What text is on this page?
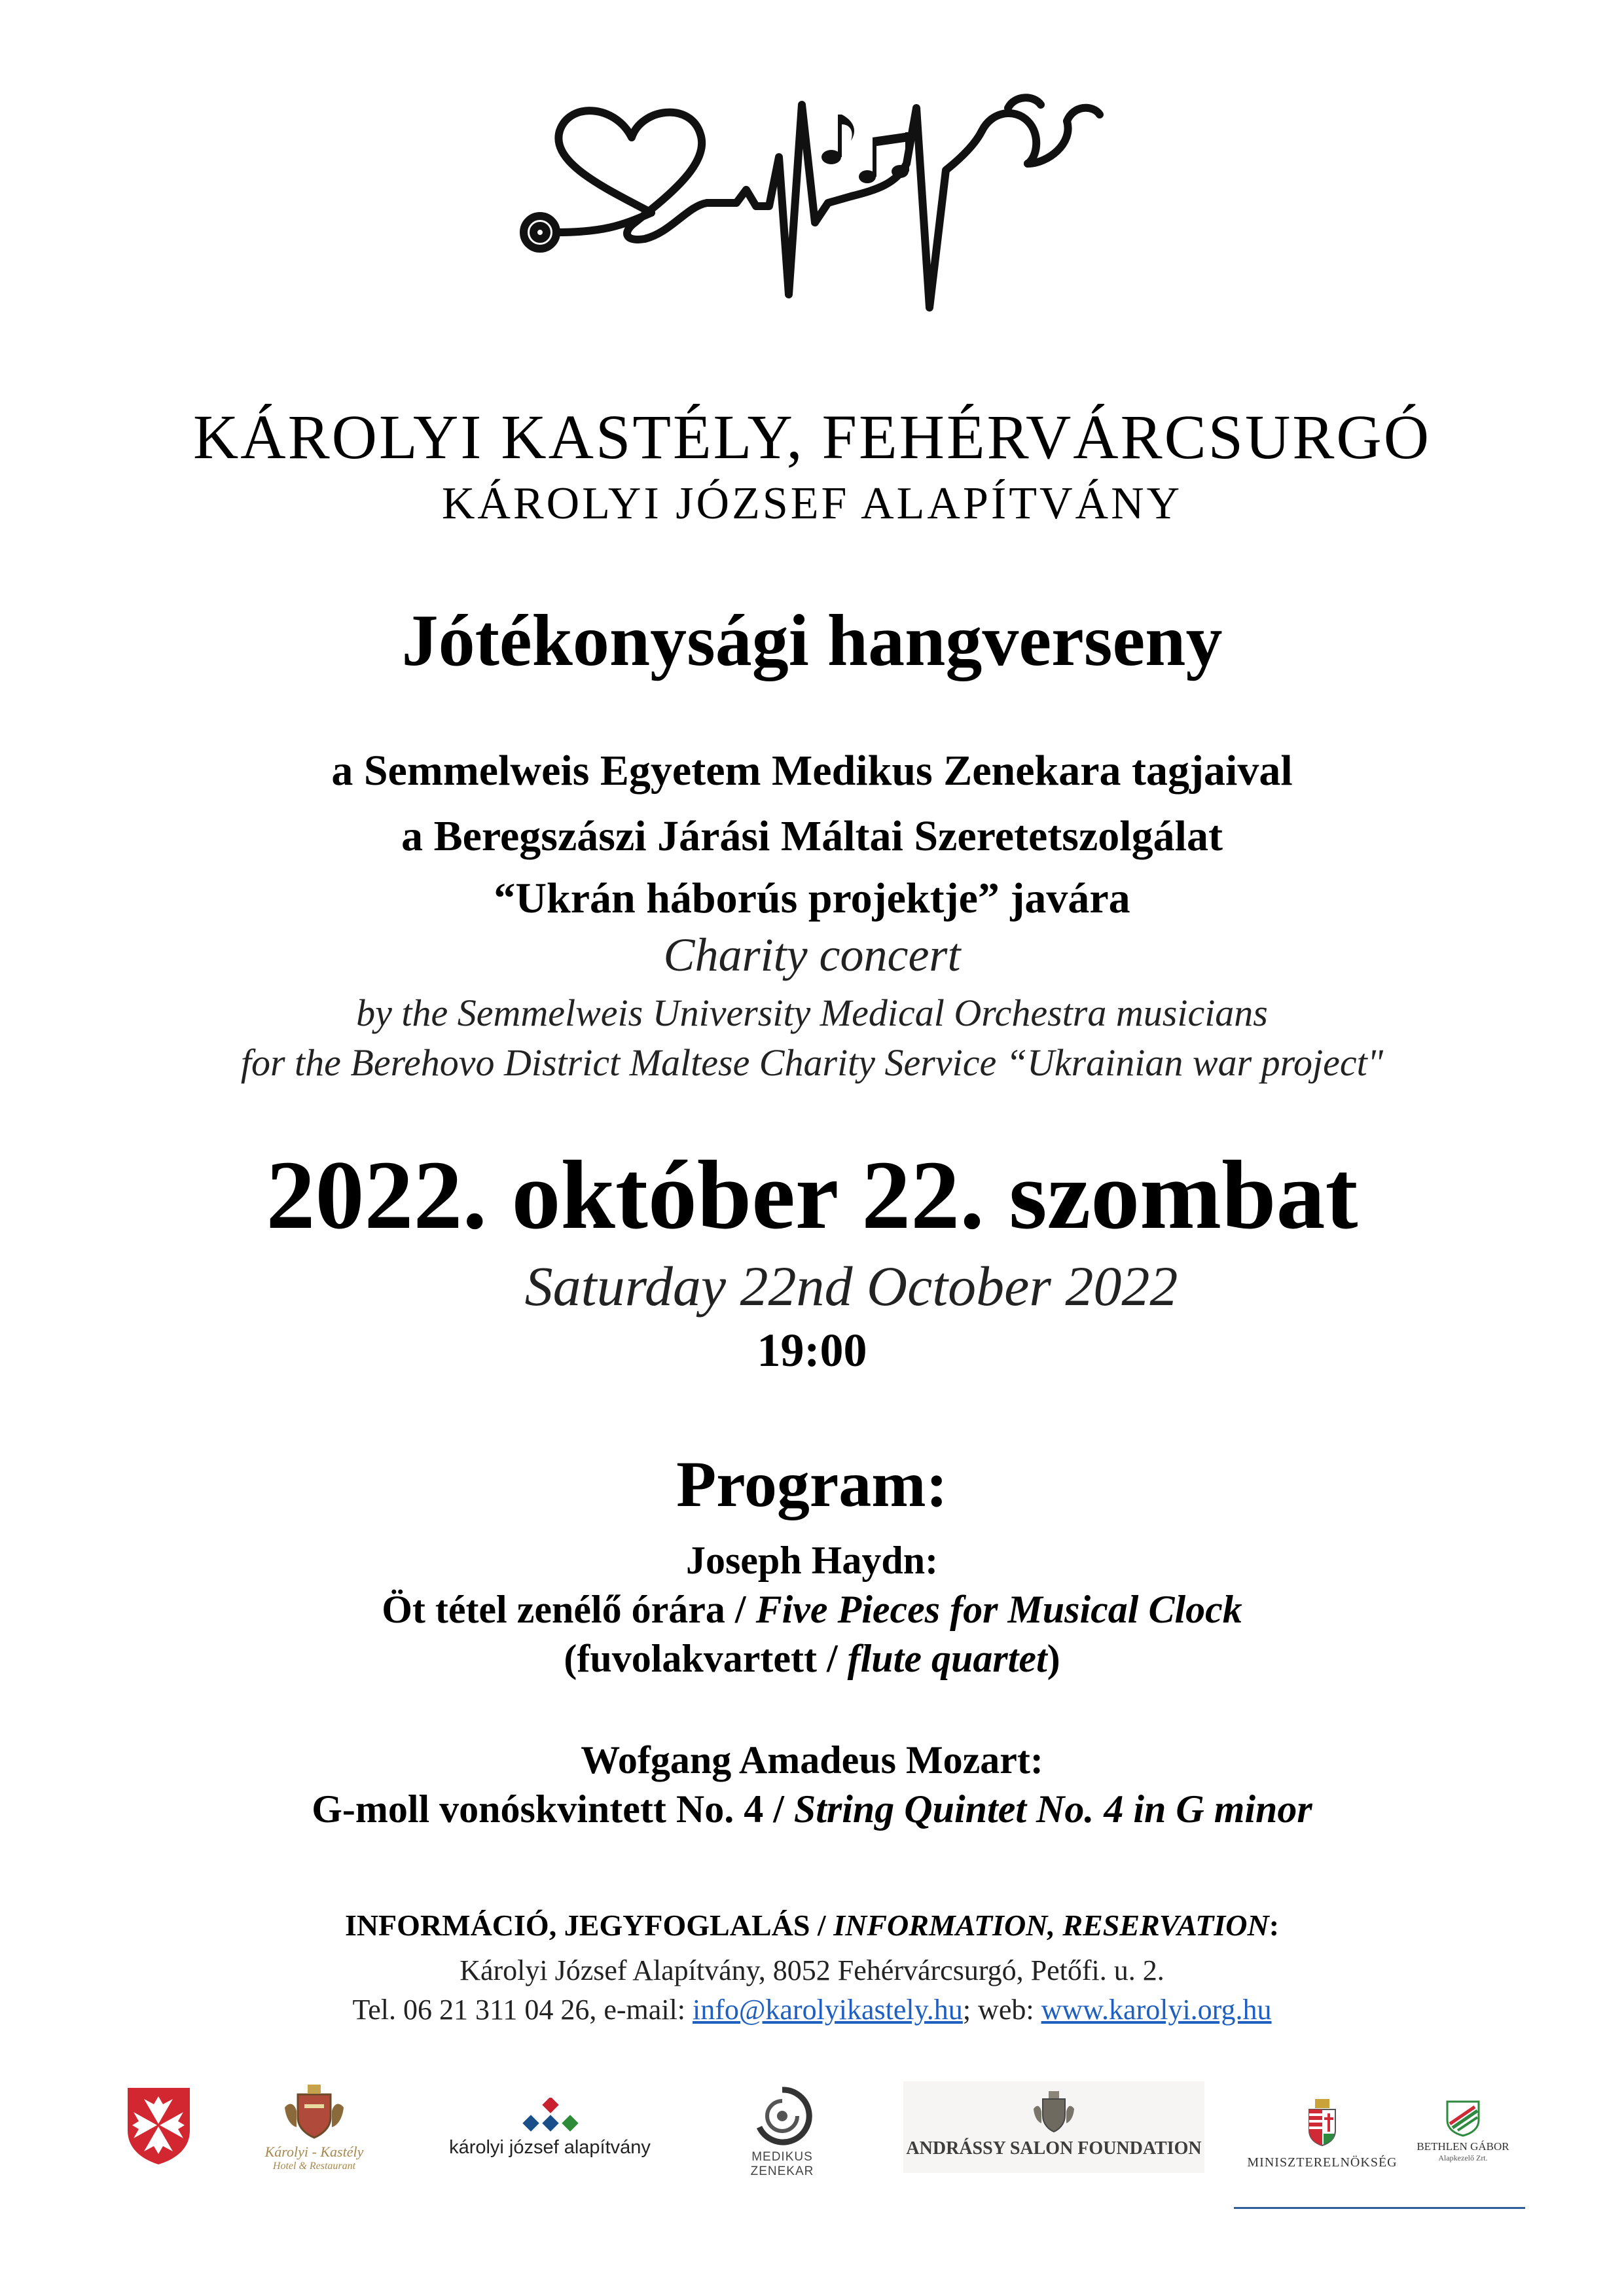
KÁROLYI KASTÉLY, FEHÉRVÁRCSURGÓ
KÁROLYI JÓZSEF ALAPÍTVÁNY
Jótékonysági hangverseny
a Semmelweis Egyetem Medikus Zenekara tagjaival
a Beregszászi Járási Máltai Szeretetszolgálat
“Ukrán háborús projektje” javára
Charity concert
by the Semmelweis University Medical Orchestra musicians
for the Berehovo District Maltese Charity Service “Ukrainian war project"
2022. október 22. szombat
Saturday 22nd October 2022
19:00
Program:
Joseph Haydn:
Öt tétel zenélő órára / Five Pieces for Musical Clock
(fuvolakvartett / flute quartet)
Wofgang Amadeus Mozart:
G-moll vonóskvintett No. 4 / String Quintet No. 4 in G minor
INFORMÁCIÓ, JEGYFOGLALÁS / INFORMATION, RESERVATION:
Károlyi József Alapítvány, 8052 Fehérvárcsurgó, Petőfi. u. 2.
Tel. 06 21 311 04 26, e-mail: info@karolyikastely.hu; web: www.karolyi.org.hu
Károlyi - Kastély
Hotel & Restaurant
károlyi józsef alapítvány	MEDIKUS
ZENEKAR
ANDRÁSSY SALON FOUNDATION
MINISZTERELNÖKSÉG
BETHLEN GÁBOR
Alapkezelő Zrt.
